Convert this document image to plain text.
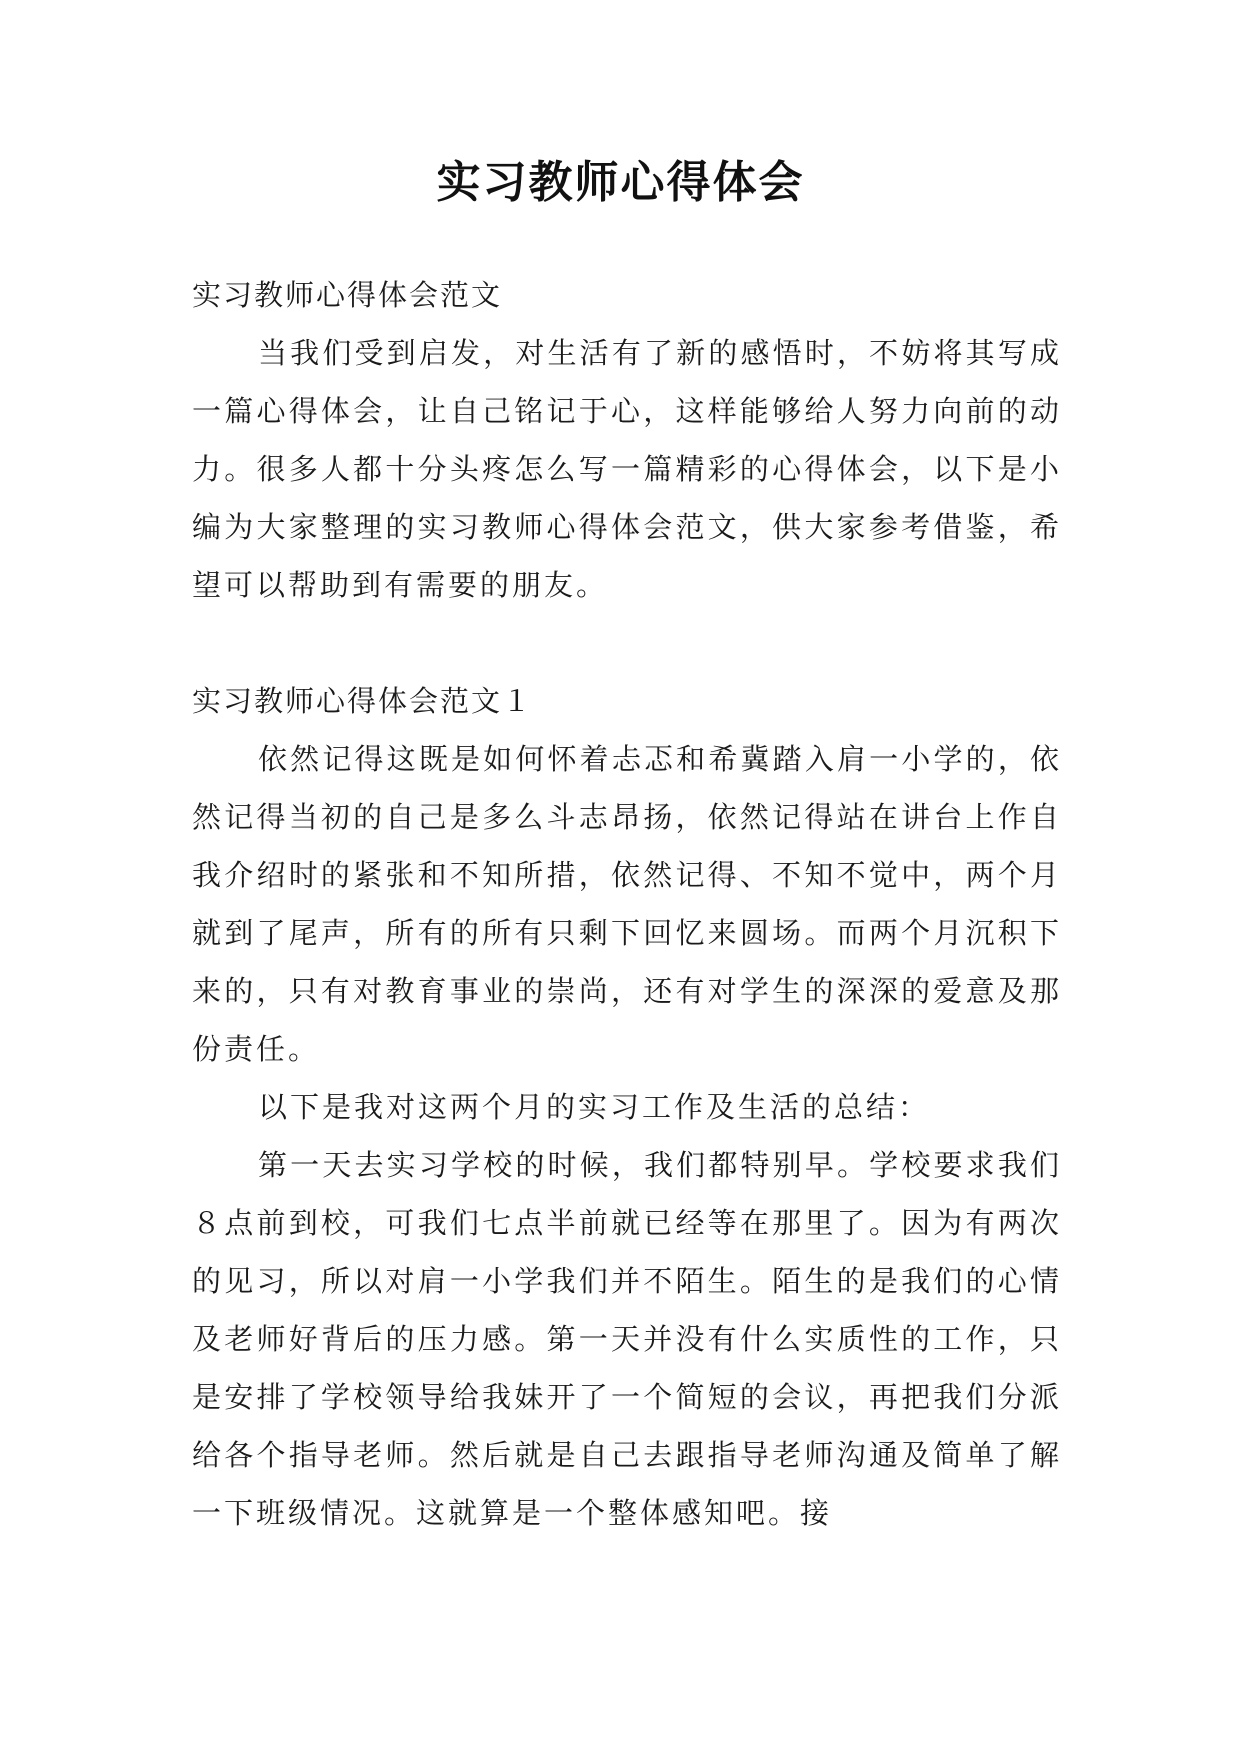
实习教师心得体会

实习教师心得体会范文

当我们受到启发，对生活有了新的感悟时，不妨将其写成一篇心得体会，让自己铭记于心，这样能够给人努力向前的动力。很多人都十分头疼怎么写一篇精彩的心得体会，以下是小编为大家整理的实习教师心得体会范文，供大家参考借鉴，希望可以帮助到有需要的朋友。

实习教师心得体会范文１

依然记得这既是如何怀着忐忑和希冀踏入肩一小学的，依然记得当初的自己是多么斗志昂扬，依然记得站在讲台上作自我介绍时的紧张和不知所措，依然记得、不知不觉中，两个月就到了尾声，所有的所有只剩下回忆来圆场。而两个月沉积下来的，只有对教育事业的崇尚，还有对学生的深深的爱意及那份责任。

以下是我对这两个月的实习工作及生活的总结：

第一天去实习学校的时候，我们都特别早。学校要求我们８点前到校，可我们七点半前就已经等在那里了。因为有两次的见习，所以对肩一小学我们并不陌生。陌生的是我们的心情及老师好背后的压力感。第一天并没有什么实质性的工作，只是安排了学校领导给我妹开了一个简短的会议，再把我们分派给各个指导老师。然后就是自己去跟指导老师沟通及简单了解一下班级情况。这就算是一个整体感知吧。接
